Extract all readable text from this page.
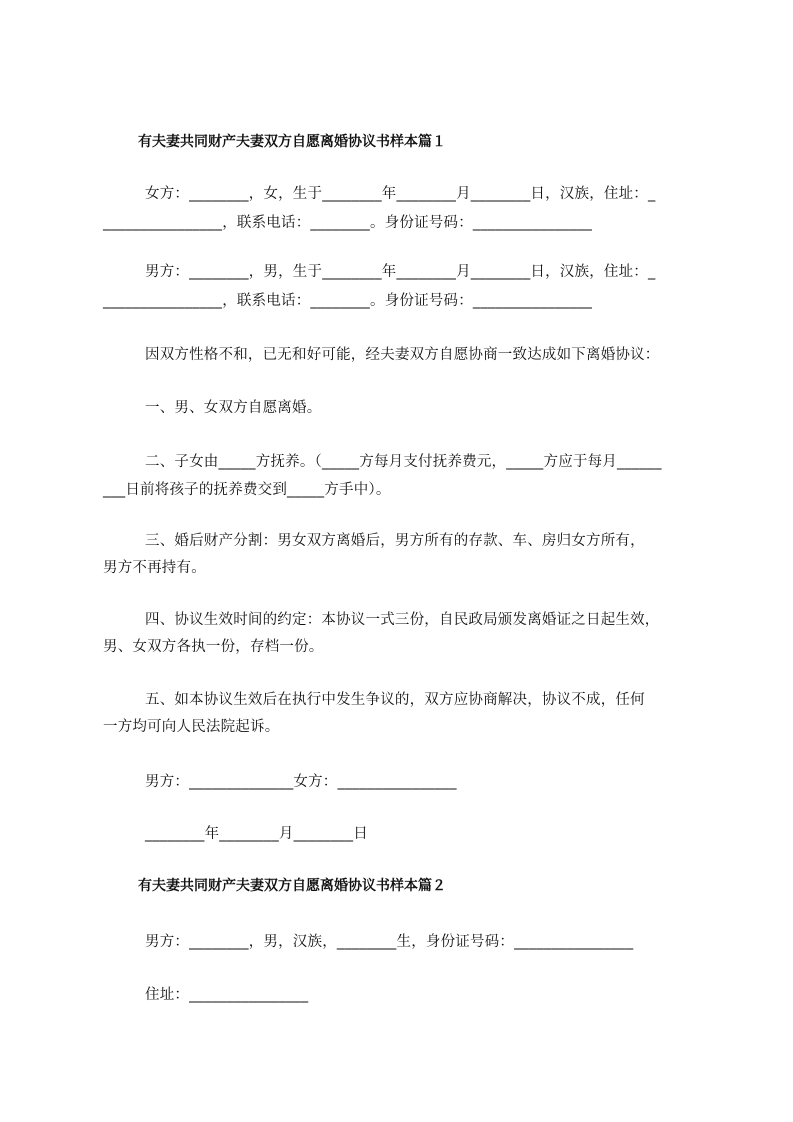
有夫妻共同财产夫妻双方自愿离婚协议书样本篇１
女方：________，女，生于________年________月________日，汉族，住址：_
________________，联系电话：________。身份证号码：________________
男方：________，男，生于________年________月________日，汉族，住址：_
________________，联系电话：________。身份证号码：________________
因双方性格不和，已无和好可能，经夫妻双方自愿协商一致达成如下离婚协议：
一、男、女双方自愿离婚。
二、子女由_____方抚养。（_____方每月支付抚养费元，_____方应于每月______
___日前将孩子的抚养费交到_____方手中）。
三、婚后财产分割：男女双方离婚后，男方所有的存款、车、房归女方所有，
男方不再持有。
四、协议生效时间的约定：本协议一式三份，自民政局颁发离婚证之日起生效，
男、女双方各执一份，存档一份。
五、如本协议生效后在执行中发生争议的，双方应协商解决，协议不成，任何
一方均可向人民法院起诉。
男方：______________女方：________________
________年________月________日
有夫妻共同财产夫妻双方自愿离婚协议书样本篇２
男方：________，男，汉族，________生，身份证号码：________________
住址：________________
